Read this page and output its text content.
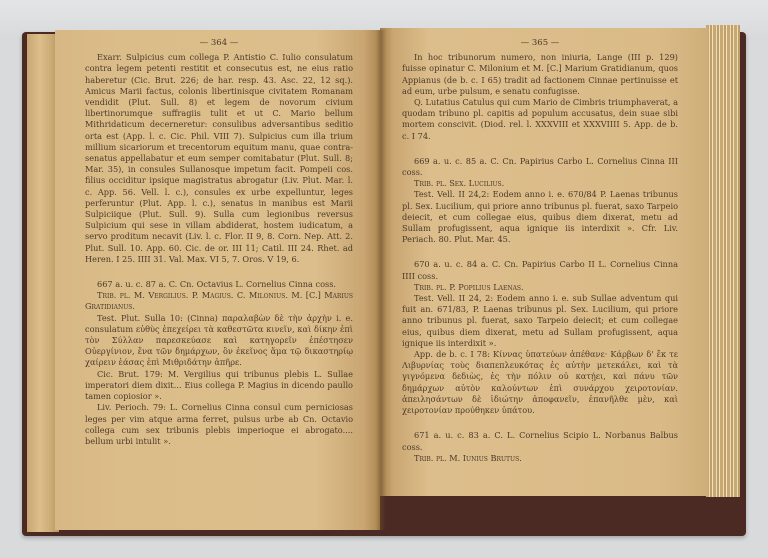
— 364 —

Exarr. Sulpicius cum collega P. Antistio C. Iulio consulatum contra legem petenti restitit et consecutus est, ne eius ratio haberetur (Cic. Brut. 226; de har. resp. 43. Asc. 22, 12 sq.). Amicus Marii factus, colonis libertinisque civitatem Romanam vendidit (Plut. Sull. 8) et legem de novorum civium libertinorumque suffragiis tulit et ut C. Mario bellum Mithridaticum decerneretur: consulibus adversantibus seditio orta est (App. l. c. Cic. Phil. VIII 7). Sulpicius cum illa trium millium sicariorum et trecentorum equitum manu, quae contra-senatus appellabatur et eum semper comitabatur (Plut. Sull. 8; Mar. 35), in consules Sullanosque impetum facit. Pompeii cos. filius occiditur ipsique magistratus abrogatur (Liv. Plut. Mar. l. c. App. 56. Vell. l. c.), consules ex urbe expelluntur, leges perferuntur (Plut. App. l. c.), senatus in manibus est Marii Sulpiciique (Plut. Sull. 9). Sulla cum legionibus reversus Sulpicium qui sese in villam abdiderat, hostem iudicatum, a servo proditum necavit (Liv. l. c. Flor. II 9, 8. Corn. Nep. Att. 2. Plut. Sull. 10. App. 60. Cic. de or. III 11; Catil. III 24. Rhet. ad Heren. I 25. IIII 31. Val. Max. VI 5, 7. Oros. V 19, 6.

667 a. u. c. 87 a. C. Cn. Octavius L. Cornelius Cinna coss.

Trib. pl. M. Vergilius. P. Magius. C. Milonius. M. [C.] Marius Gratidianus.

Test. Plut. Sulla 10: (Cinna) παραλαβὼν δὲ τὴν ἀρχὴν i. e. consulatum εὐθὺς ἐπεχείρει τὰ καθεστῶτα κινεῖν, καὶ δίκην ἐπὶ τὸν Σύλλαν παρεσκεύασε καὶ κατηγορεῖν ἐπέστησεν Οὐεργίνιον, ἕνα τῶν δημάρχων, ὃν ἐκεῖνος ἅμα τῷ δικαστηρίῳ χαίρειν ἐάσας ἐπὶ Μιθριδάτην ἀπῆρε.

Cic. Brut. 179: M. Vergilius qui tribunus plebis L. Sullae imperatori diem dixit... Eius collega P. Magius in dicendo paullo tamen copiosior ».

Liv. Perioch. 79: L. Cornelius Cinna consul cum perniciosas leges per vim atque arma ferret, pulsus urbe ab Cn. Octavio collega cum sex tribunis plebis imperioque ei abrogato.... bellum urbi intulit ».

— 365 —

In hoc tribunorum numero, non iniuria, Lange (III p. 129) fuisse opinatur C. Milonium et M. [C.] Marium Gratidianum, quos Appianus (de b. c. I 65) tradit ad factionem Cinnae pertinuisse et ad eum, urbe pulsum, e senatu confugisse.

Q. Lutatius Catulus qui cum Mario de Cimbris triumphaverat, a quodam tribuno pl. capitis ad populum accusatus, dein suae sibi mortem conscivit. (Diod. rel. l. XXXVIII et XXXVIIII 5. App. de b. c. I 74.

669 a. u. c. 85 a. C. Cn. Papirius Carbo L. Cornelius Cinna III coss.

Trib. pl. Sex. Lucilius.

Test. Vell. II 24,2: Eodem anno i. e. 670/84 P. Laenas tribunus pl. Sex. Lucilium, qui priore anno tribunus pl. fuerat, saxo Tarpeio deiecit, et cum collegae eius, quibus diem dixerat, metu ad Sullam profugissent, aqua ignique iis interdixit ». Cfr. Liv. Periach. 80. Plut. Mar. 45.

670 a. u. c. 84 a. C. Cn. Papirius Carbo II L. Cornelius Cinna IIII coss.

Trib. pl. P. Popilius Laenas.

Test. Vell. II 24, 2: Eodem anno i. e. sub Sullae adventum qui fuit an. 671/83, P. Laenas tribunus pl. Sex. Lucilium, qui priore anno tribunus pl. fuerat, saxo Tarpeio deiecit; et cum collegae eius, quibus diem dixerat, metu ad Sullam profugissent, aqua ignique iis interdixit ».

App. de b. c. I 78: Κίννας ὑπατεύων ἀπέθανε· Κάρβων δ' ἔκ τε Λιβυρνίας τοὺς διαπεπλευκότας ἐς αὐτὴν μετεκάλει, καὶ τὰ γιγνόμενα δεδιὼς, ἐς τὴν πόλιν οὐ κατῄει, καὶ πάνυ τῶν δημάρχων αὐτὸν καλούντων ἐπὶ συνάρχου χειροτονίαν. ἀπειλησάντων δὲ ἰδιώτην ἀποφανεῖν, ἐπανῆλθε μὲν, καὶ χειροτονίαν προύθηκεν ὑπάτου.

671 a. u. c. 83 a. C. L. Cornelius Scipio L. Norbanus Balbus coss.

Trib. pl. M. Iunius Brutus.
